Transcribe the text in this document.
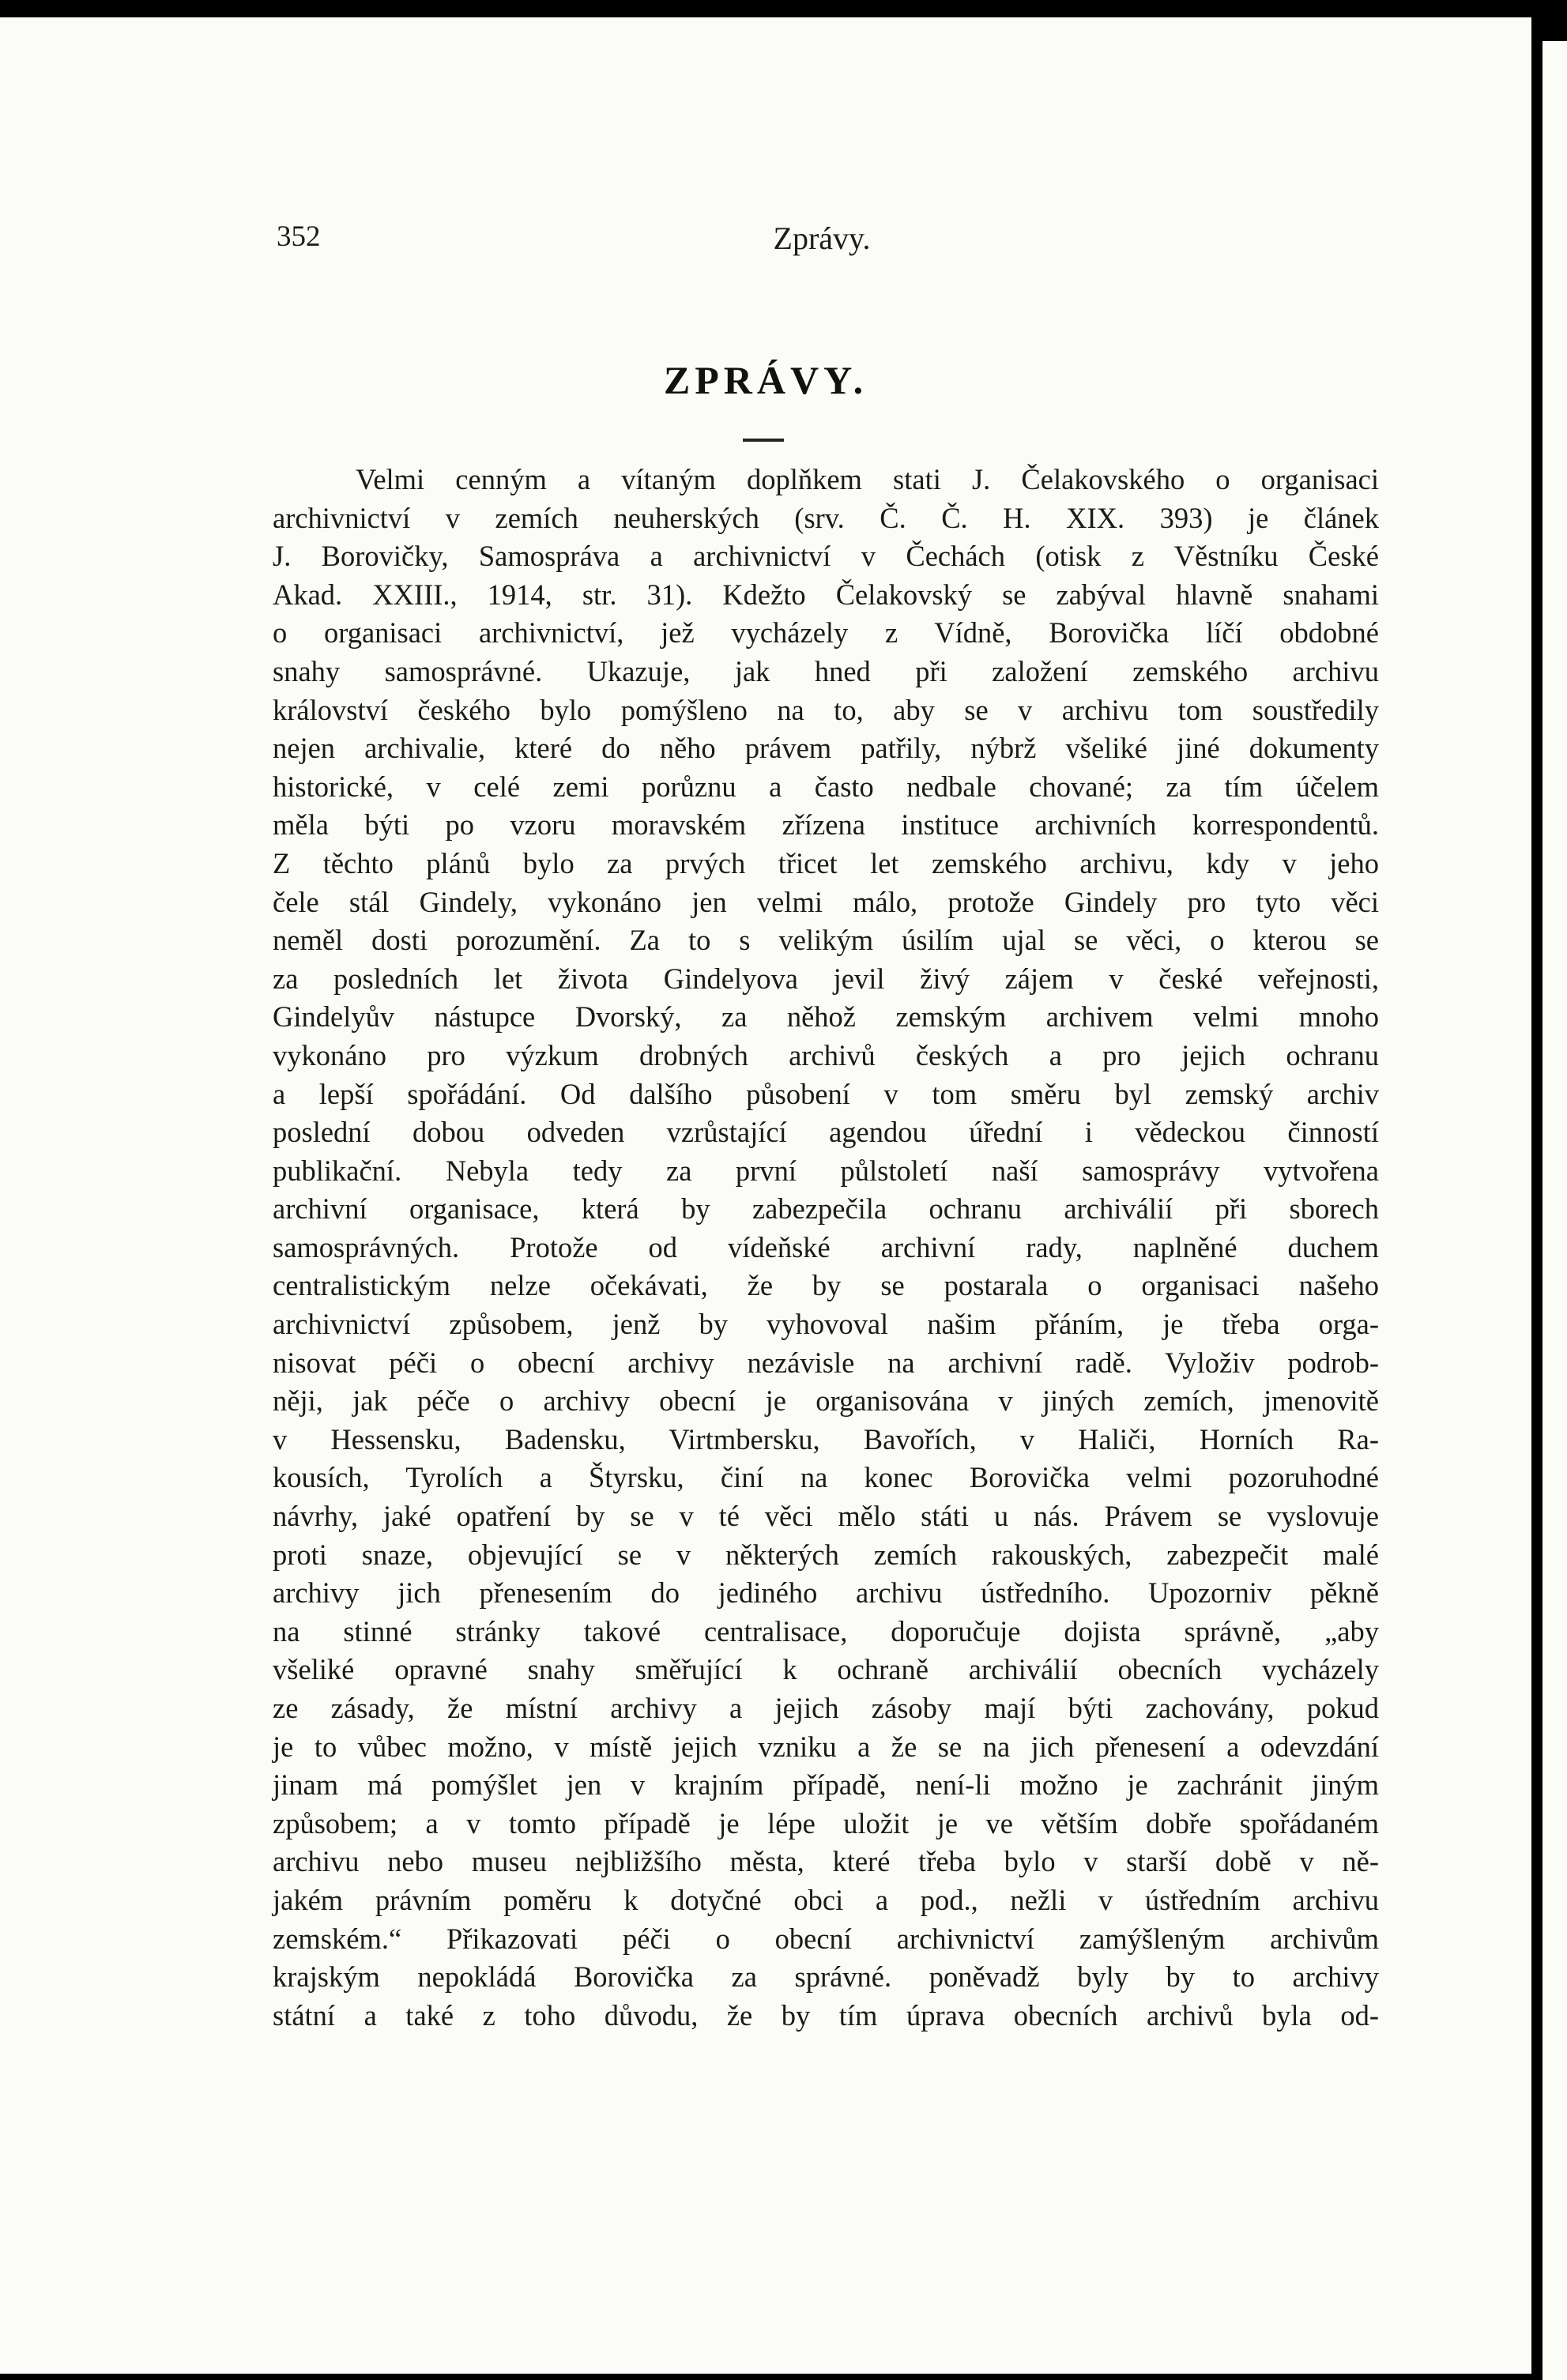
352	Zprávy.
ZPRÁVY.
Velmi cenným a vítaným doplňkem stati J. Čelakovského o organisaci
archivnictví v zemích neuherských (srv. Č. Č. H. XIX. 393) je článek
J. Borovičky, Samospráva a archivnictví v Čechách (otisk z Věstníku České
Akad. XXIII., 1914, str. 31). Kdežto Čelakovský se zabýval hlavně snahami
o organisaci archivnictví, jež vycházely z Vídně, Borovička líčí obdobné
snahy samosprávné. Ukazuje, jak hned při založení zemského archivu
království českého bylo pomýšleno na to, aby se v archivu tom soustředily
nejen archivalie, které do něho právem patřily, nýbrž všeliké jiné dokumenty
historické, v celé zemi porůznu a často nedbale chované; za tím účelem
měla býti po vzoru moravském zřízena instituce archivních korrespondentů.
Z těchto plánů bylo za prvých třicet let zemského archivu, kdy v jeho
čele stál Gindely, vykonáno jen velmi málo, protože Gindely pro tyto věci
neměl dosti porozumění. Za to s velikým úsilím ujal se věci, o kterou se
za posledních let života Gindelyova jevil živý zájem v české veřejnosti,
Gindelyův nástupce Dvorský, za něhož zemským archivem velmi mnoho
vykonáno pro výzkum drobných archivů českých a pro jejich ochranu
a lepší spořádání. Od dalšího působení v tom směru byl zemský archiv
poslední dobou odveden vzrůstající agendou úřední i vědeckou činností
publikační. Nebyla tedy za první půlstoletí naší samosprávy vytvořena
archivní organisace, která by zabezpečila ochranu archiválií při sborech
samosprávných. Protože od vídeňské archivní rady, naplněné duchem
centralistickým nelze očekávati, že by se postarala o organisaci našeho
archivnictví způsobem, jenž by vyhovoval našim přáním, je třeba orga-
nisovat péči o obecní archivy nezávisle na archivní radě. Vyloživ podrob-
něji, jak péče o archivy obecní je organisována v jiných zemích, jmenovitě
v Hessensku, Badensku, Virtmbersku, Bavořích, v Haliči, Horních Ra-
kousích, Tyrolích a Štyrsku, činí na konec Borovička velmi pozoruhodné
návrhy, jaké opatření by se v té věci mělo státi u nás. Právem se vyslovuje
proti snaze, objevující se v některých zemích rakouských, zabezpečit malé
archivy jich přenesením do jediného archivu ústředního. Upozorniv pěkně
na stinné stránky takové centralisace, doporučuje dojista správně, „aby
všeliké opravné snahy směřující k ochraně archiválií obecních vycházely
ze zásady, že místní archivy a jejich zásoby mají býti zachovány, pokud
je to vůbec možno, v místě jejich vzniku a že se na jich přenesení a odevzdání
jinam má pomýšlet jen v krajním případě, není-li možno je zachránit jiným
způsobem; a v tomto případě je lépe uložit je ve větším dobře spořádaném
archivu nebo museu nejbližšího města, které třeba bylo v starší době v ně-
jakém právním poměru k dotyčné obci a pod., nežli v ústředním archivu
zemském.“ Přikazovati péči o obecní archivnictví zamýšleným archivům
krajským nepokládá Borovička za správné. poněvadž byly by to archivy
státní a také z toho důvodu, že by tím úprava obecních archivů byla od-
